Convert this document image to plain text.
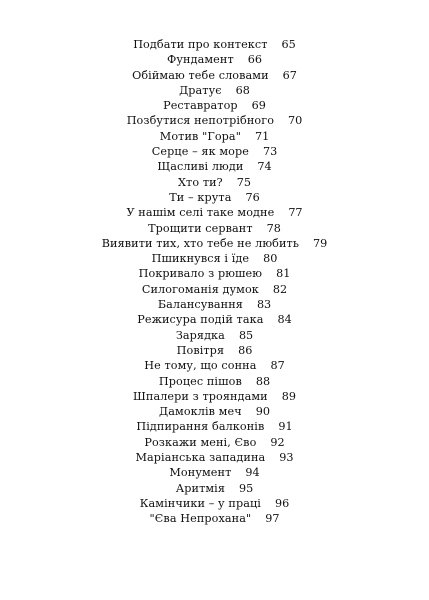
Подбати про контекст 65
Фундамент 66
Обіймаю тебе словами 67
Дратує 68
Реставратор 69
Позбутися непотрібного 70
Мотив "Гора" 71
Серце – як море 73
Щасливі люди 74
Хто ти? 75
Ти – крута 76
У нашім селі таке модне 77
Трощити сервант 78
Виявити тих, хто тебе не любить 79
Пшикнувся і їде 80
Покривало з рюшею 81
Силогоманія думок 82
Балансування 83
Режисура подій така 84
Зарядка 85
Повітря 86
Не тому, що сонна 87
Процес пішов 88
Шпалери з трояндами 89
Дамоклів меч 90
Підпирання балконів 91
Розкажи мені, Єво 92
Маріанська западина 93
Монумент 94
Аритмія 95
Камінчики – у праці 96
"Єва Непрохана" 97
